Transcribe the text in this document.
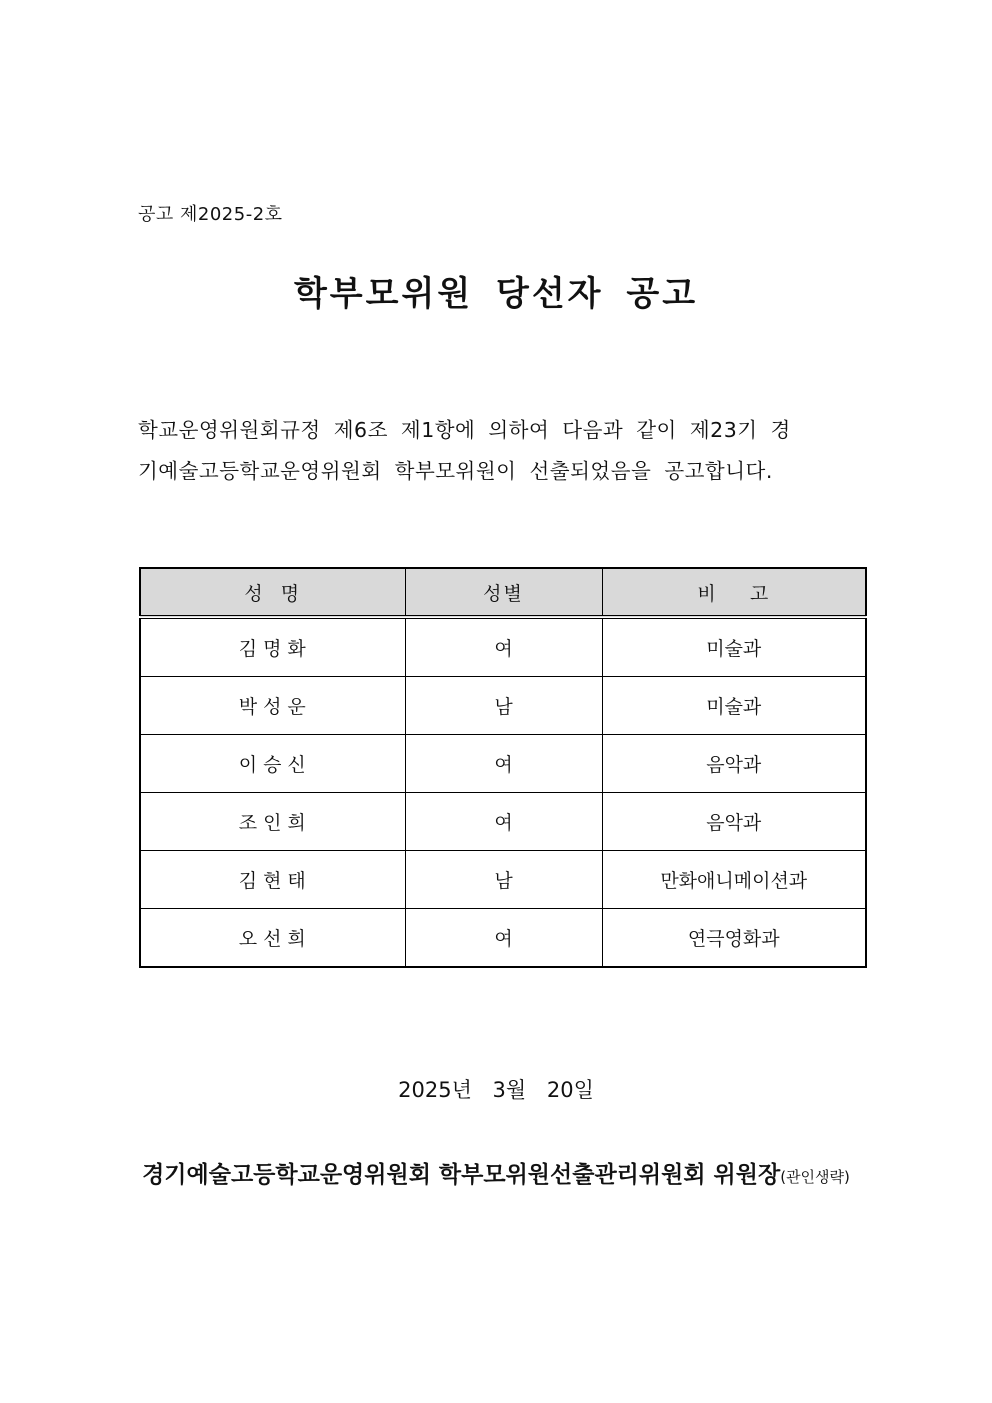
공고 제2025-2호
학부모위원 당선자 공고
학교운영위원회규정 제6조 제1항에 의하여 다음과 같이 제23기 경
기예술고등학교운영위원회 학부모위원이 선출되었음을 공고합니다.
성  명	성별	비    고
김명화	여	미술과
박성운	남	미술과
이승신	여	음악과
조인희	여	음악과
김현태	남	만화애니메이션과
오선희	여	연극영화과
2025년 3월 20일
경기예술고등학교운영위원회 학부모위원선출관리위원회 위원장(관인생략)
